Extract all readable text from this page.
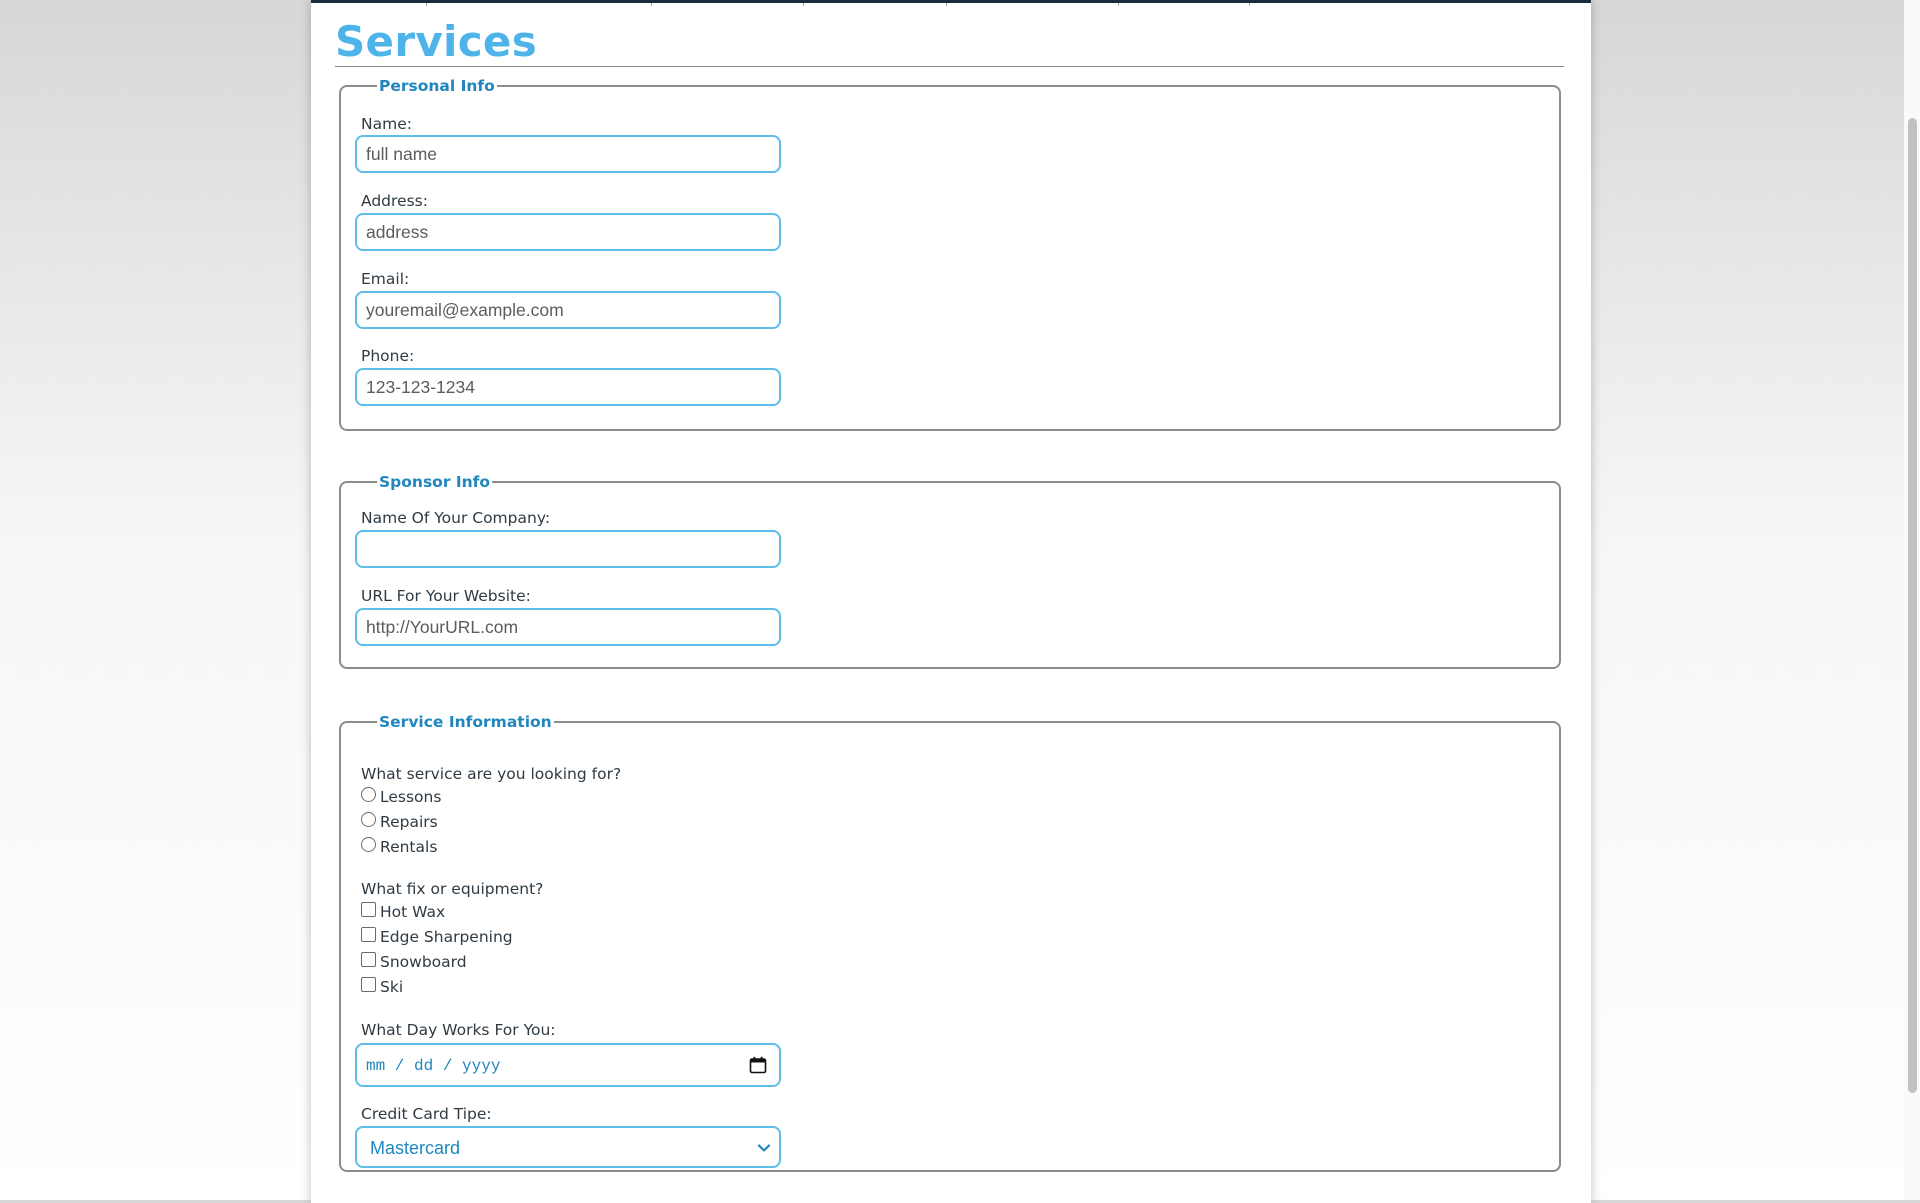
Services
Personal Info
Name:
full name
Address:
address
Email:
youremail@example.com
Phone:
123-123-1234
Sponsor Info
Name Of Your Company:
URL For Your Website:
http://YourURL.com
Service Information
What service are you looking for?
Lessons
Repairs
Rentals
What fix or equipment?
Hot Wax
Edge Sharpening
Snowboard
Ski
What Day Works For You:
mm / dd / yyyy
Credit Card Tipe:
Mastercard
